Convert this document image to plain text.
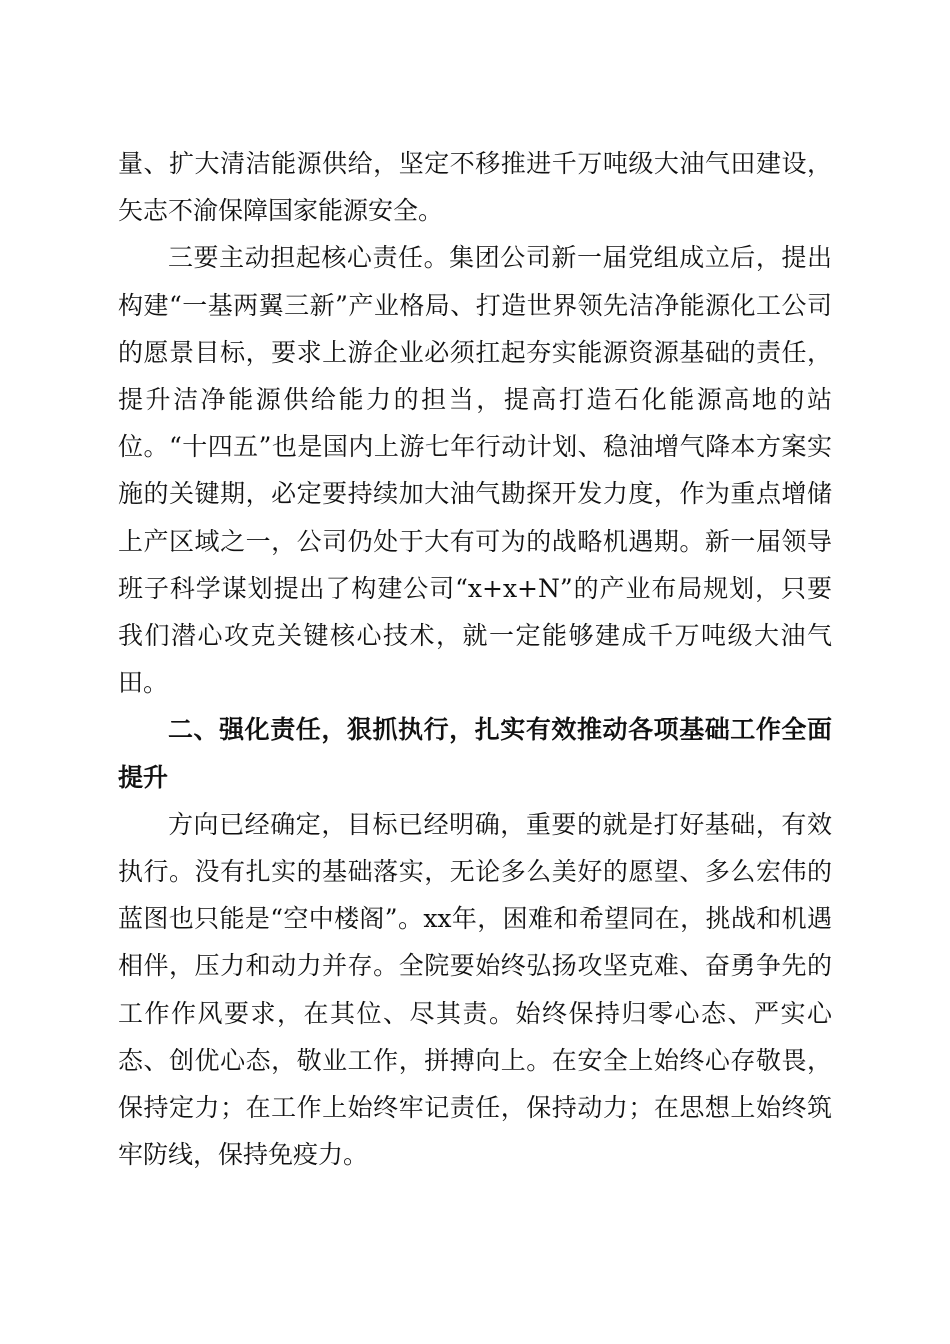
量、扩大清洁能源供给，坚定不移推进千万吨级大油气田建设，矢志不渝保障国家能源安全。

三要主动担起核心责任。集团公司新一届党组成立后，提出构建“一基两翼三新”产业格局、打造世界领先洁净能源化工公司的愿景目标，要求上游企业必须扛起夯实能源资源基础的责任，提升洁净能源供给能力的担当，提高打造石化能源高地的站位。“十四五”也是国内上游七年行动计划、稳油增气降本方案实施的关键期，必定要持续加大油气勘探开发力度，作为重点增储上产区域之一，公司仍处于大有可为的战略机遇期。新一届领导班子科学谋划提出了构建公司“x+x+N”的产业布局规划，只要我们潜心攻克关键核心技术，就一定能够建成千万吨级大油气田。

二、强化责任，狠抓执行，扎实有效推动各项基础工作全面提升

方向已经确定，目标已经明确，重要的就是打好基础，有效执行。没有扎实的基础落实，无论多么美好的愿望、多么宏伟的蓝图也只能是“空中楼阁”。xx年，困难和希望同在，挑战和机遇相伴，压力和动力并存。全院要始终弘扬攻坚克难、奋勇争先的工作作风要求，在其位、尽其责。始终保持归零心态、严实心态、创优心态，敬业工作，拼搏向上。在安全上始终心存敬畏，保持定力；在工作上始终牢记责任，保持动力；在思想上始终筑牢防线，保持免疫力。
